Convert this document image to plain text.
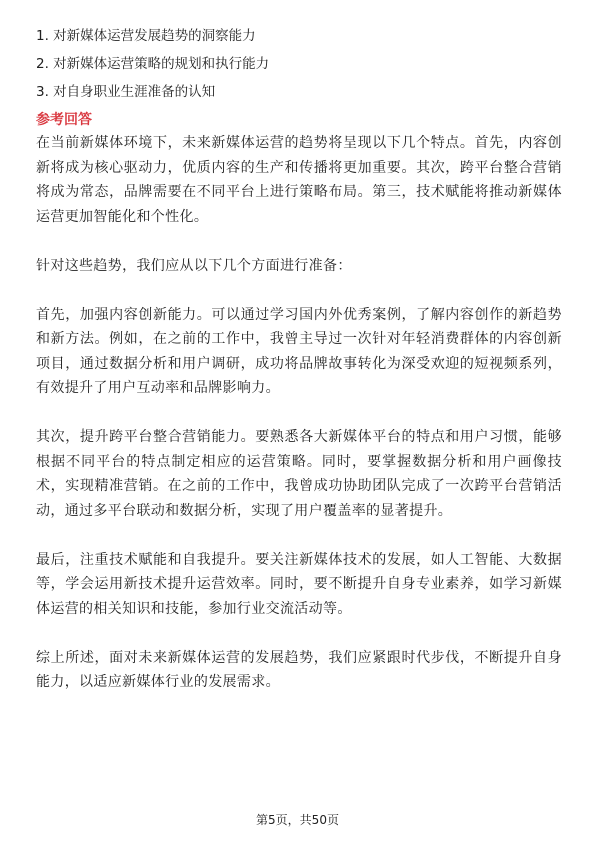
1. 对新媒体运营发展趋势的洞察能力
2. 对新媒体运营策略的规划和执行能力
3. 对自身职业生涯准备的认知
参考回答

在当前新媒体环境下，未来新媒体运营的趋势将呈现以下几个特点。首先，内容创新将成为核心驱动力，优质内容的生产和传播将更加重要。其次，跨平台整合营销将成为常态，品牌需要在不同平台上进行策略布局。第三，技术赋能将推动新媒体运营更加智能化和个性化。

针对这些趋势，我们应从以下几个方面进行准备：

首先，加强内容创新能力。可以通过学习国内外优秀案例，了解内容创作的新趋势和新方法。例如，在之前的工作中，我曾主导过一次针对年轻消费群体的内容创新项目，通过数据分析和用户调研，成功将品牌故事转化为深受欢迎的短视频系列，有效提升了用户互动率和品牌影响力。

其次，提升跨平台整合营销能力。要熟悉各大新媒体平台的特点和用户习惯，能够根据不同平台的特点制定相应的运营策略。同时，要掌握数据分析和用户画像技术，实现精准营销。在之前的工作中，我曾成功协助团队完成了一次跨平台营销活动，通过多平台联动和数据分析，实现了用户覆盖率的显著提升。

最后，注重技术赋能和自我提升。要关注新媒体技术的发展，如人工智能、大数据等，学会运用新技术提升运营效率。同时，要不断提升自身专业素养，如学习新媒体运营的相关知识和技能，参加行业交流活动等。

综上所述，面对未来新媒体运营的发展趋势，我们应紧跟时代步伐，不断提升自身能力，以适应新媒体行业的发展需求。

第5页，共50页
